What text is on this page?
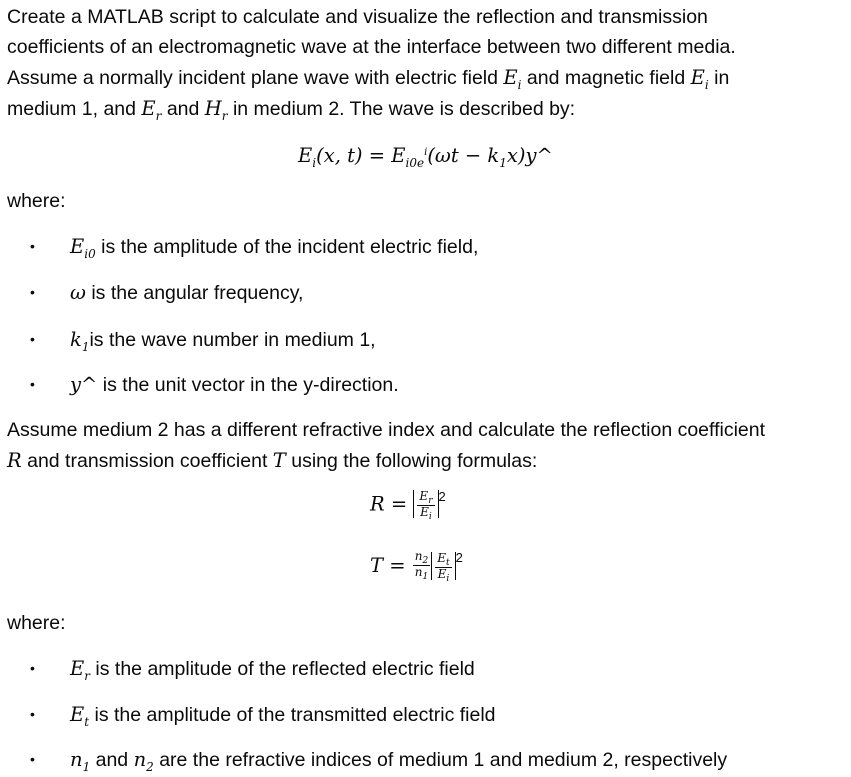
Create a MATLAB script to calculate and visualize the reflection and transmission
coefficients of an electromagnetic wave at the interface between two different media.
Assume a normally incident plane wave with electric field $E_i$ and magnetic field $E_i$ in
medium 1, and $E_r$ and $H_r$ in medium 2. The wave is described by:
$E_i(x$, $t) = E_{i0e}^i(\omega t$ − $k_1x)y\^{}$
where:
• $E_{i0}$ is the amplitude of the incident electric field,
• ω is the angular frequency,
• $k_1is$ the wave number in medium 1,
• y^ is the unit vector in the y-direction.
Assume medium 2 has a different refractive index and calculate the reflection coefficient
R and transmission coefficient T using the following formulas:
$R = \frac{E_r}{E_i} ^2$
$T = \frac{n_2}{n_1} \frac{E_t}{E_i} ^2$
where:
• $E_r$ is the amplitude of the reflected electric field
• $E_t$ is the amplitude of the transmitted electric field
• $n_1$ and $n_2$ are the refractive indices of medium 1 and medium 2, respectively
